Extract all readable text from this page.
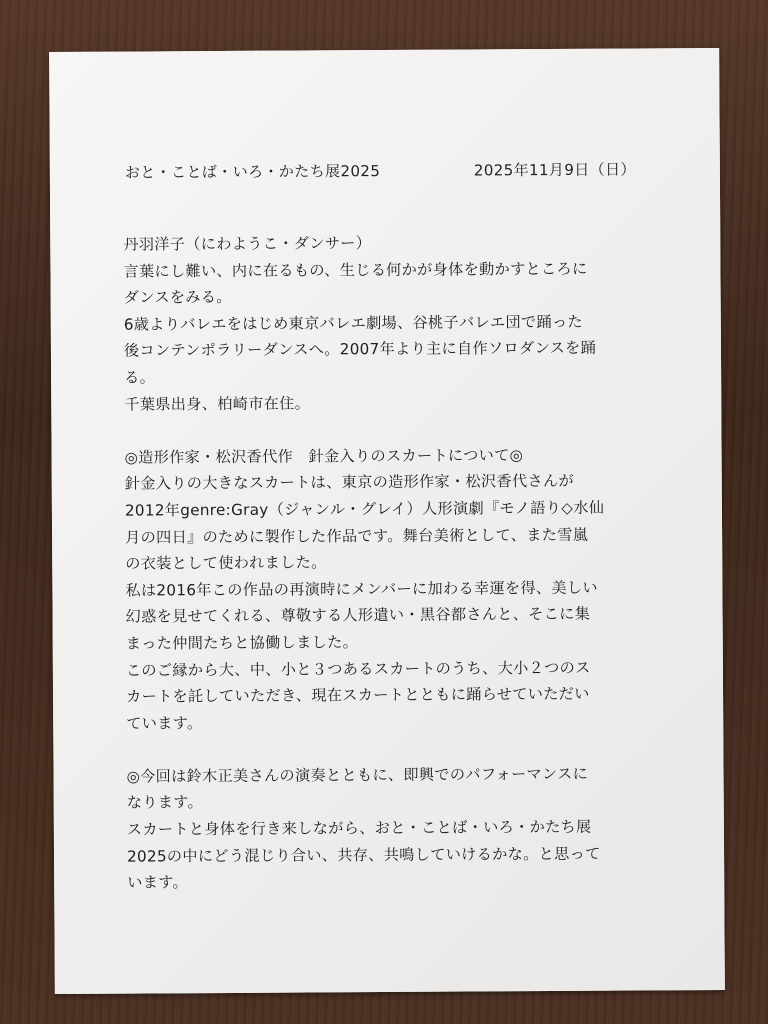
おと・ことば・いろ・かたち展2025	2025年11月9日（日）
丹羽洋子（にわようこ・ダンサー）
言葉にし難い、内に在るもの、生じる何かが身体を動かすところに
ダンスをみる。
6歳よりバレエをはじめ東京バレエ劇場、谷桃子バレエ団で踊った
後コンテンポラリーダンスへ。2007年より主に自作ソロダンスを踊
る。
千葉県出身、柏崎市在住。
◎造形作家・松沢香代作　針金入りのスカートについて◎
針金入りの大きなスカートは、東京の造形作家・松沢香代さんが
2012年genre:Gray（ジャンル・グレイ）人形演劇『モノ語り◇水仙
月の四日』のために製作した作品です。舞台美術として、また雪嵐
の衣装として使われました。
私は2016年この作品の再演時にメンバーに加わる幸運を得、美しい
幻惑を見せてくれる、尊敬する人形遣い・黒谷都さんと、そこに集
まった仲間たちと協働しました。
このご縁から大、中、小と３つあるスカートのうち、大小２つのス
カートを託していただき、現在スカートとともに踊らせていただい
ています。
◎今回は鈴木正美さんの演奏とともに、即興でのパフォーマンスに
なります。
スカートと身体を行き来しながら、おと・ことば・いろ・かたち展
2025の中にどう混じり合い、共存、共鳴していけるかな。と思って
います。
